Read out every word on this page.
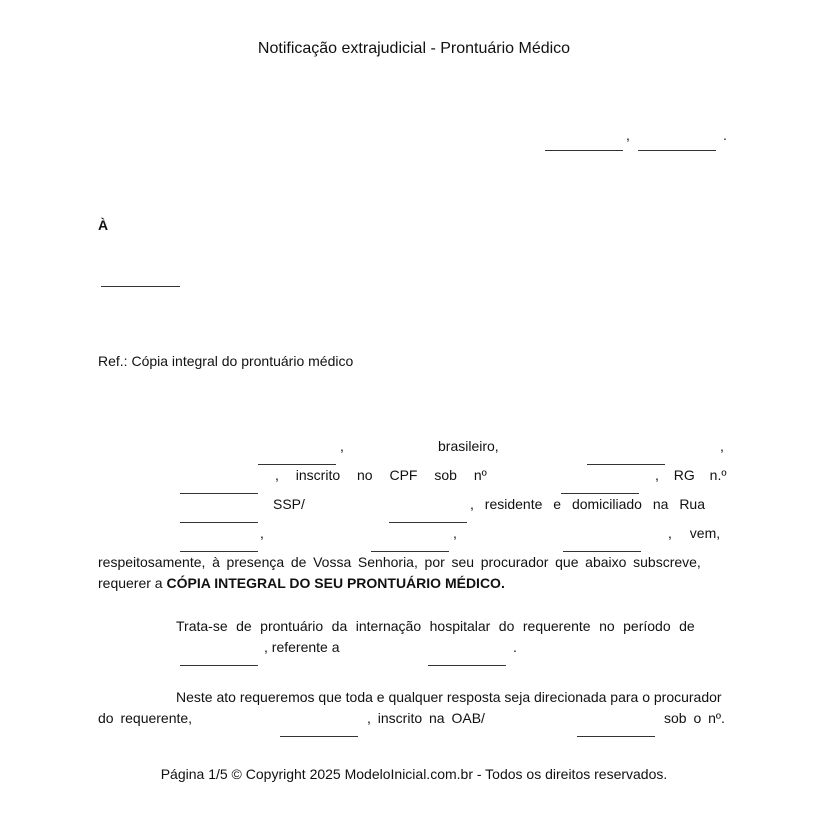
Notificação extrajudicial - Prontuário Médico
,	.
À
Ref.: Cópia integral do prontuário médico
,	brasileiro,	,
, inscrito no CPF sob nº	, RG n.º
SSP/	, residente e domiciliado na Rua
,	,	, vem,
respeitosamente, à presença de Vossa Senhoria, por seu procurador que abaixo subscreve,
requerer a CÓPIA INTEGRAL DO SEU PRONTUÁRIO MÉDICO.
Trata-se de prontuário da internação hospitalar do requerente no período de
, referente a	.
Neste ato requeremos que toda e qualquer resposta seja direcionada para o procurador
do requerente,	, inscrito na OAB/	sob o nº.
Página 1/5 © Copyright 2025 ModeloInicial.com.br - Todos os direitos reservados.
